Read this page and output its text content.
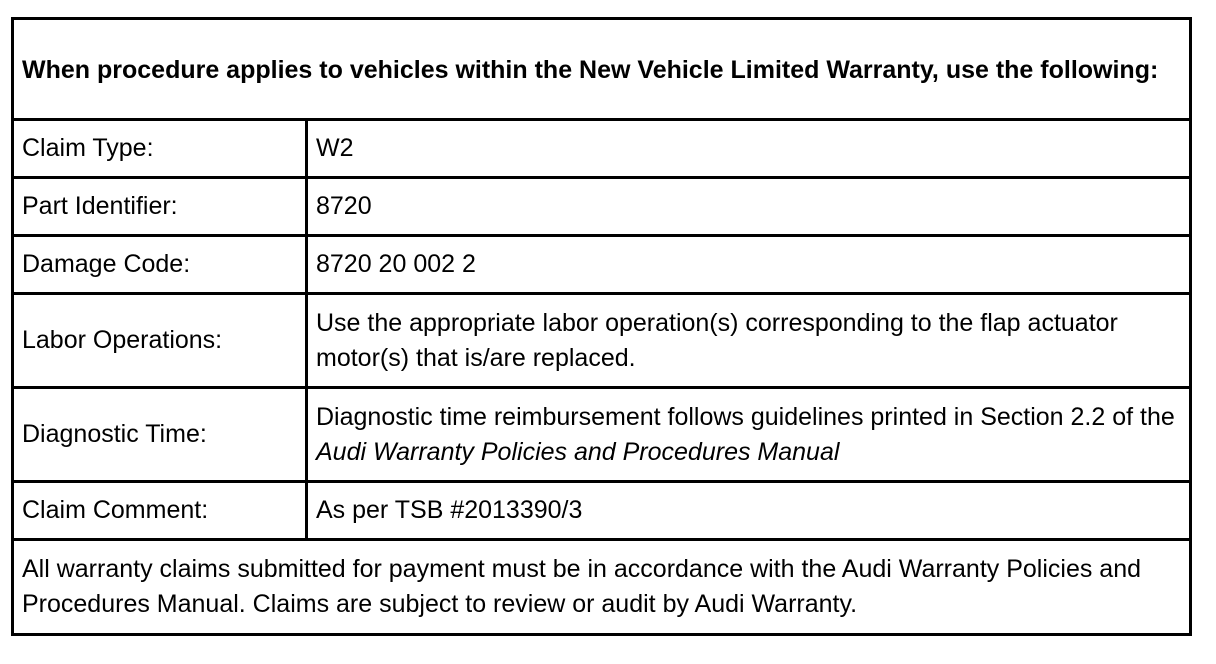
When procedure applies to vehicles within the New Vehicle Limited Warranty, use the following:	
Claim Type:	W2
Part Identifier:	8720
Damage Code:	8720 20 002 2
Labor Operations:	Use the appropriate labor operation(s) corresponding to the flap actuator motor(s) that is/are replaced.
Diagnostic Time:	Diagnostic time reimbursement follows guidelines printed in Section 2.2 of the Audi Warranty Policies and Procedures Manual
Claim Comment:	As per TSB #2013390/3
All warranty claims submitted for payment must be in accordance with the Audi Warranty Policies and Procedures Manual. Claims are subject to review or audit by Audi Warranty.	
